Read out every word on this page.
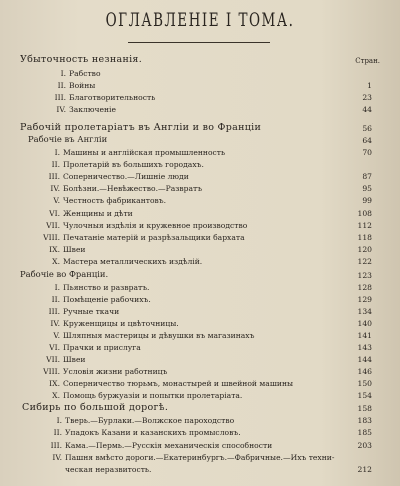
ОГЛАВЛЕНІЕ I ТОМА.
Убыточность незнанія.	Стран.
I. Рабство
II. Войны	1
III. Благотворительность	23
IV. Заключеніе	44
Рабочій пролетаріатъ въ Англіи и во Франціи	56
Рабочіе въ Англіи	64
I. Машины и англійская промышленность	70
II. Пролетарій въ большихъ городахъ.
III. Соперничество.—Лишніе люди	87
IV. Болѣзни.—Невѣжество.—Развратъ	95
V. Честность фабрикантовъ.	99
VI. Женщины и дѣти	108
VII. Чулочныя издѣлія и кружевное производство	112
VIII. Печатаніе матерій и разрѣзальщики бархата	118
IX. Швеи	120
X. Мастера металлическихъ издѣлій.	122
Рабочіе во Франціи.	123
I. Пьянство и развратъ.	128
II. Помѣщеніе рабочихъ.	129
III. Ручные ткачи	134
IV. Круженщицы и цвѣточницы.	140
V. Шляпныя мастерицы и дѣвушки въ магазинахъ	141
VI. Прачки и прислуга	143
VII. Швеи	144
VIII. Условія жизни работницъ	146
IX. Соперничество тюрьмъ, монастырей и швейной машины	150
X. Помощь буржуазіи и попытки пролетаріата.	154
Сибирь по большой дорогѣ.	158
I. Тверь.—Бурлаки.—Волжское пароходство	183
II. Упадокъ Казани и казанскихъ промысловъ.	185
III. Кама.—Пермь.—Русскія механическія способности	203
IV. Пашня вмѣсто дороги.—Екатеринбургъ.—Фабричные.—Ихъ техни-
ческая неразвитость.	212
